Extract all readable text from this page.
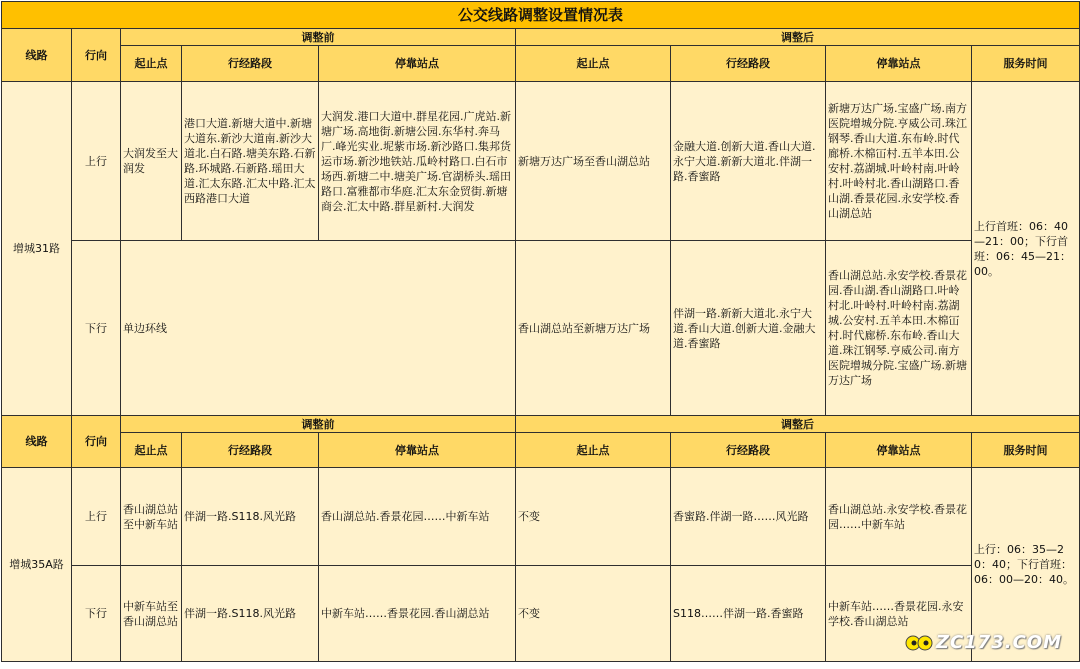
公交线路调整设置情况表								
线路	行向	调整前			调整后			
		起止点	行经路段	停靠站点	起止点	行经路段	停靠站点	服务时间
增城31路	上行	大润发至大润发	港口大道.新塘大道中.新塘大道东.新沙大道南.新沙大道北.白石路.塘美东路.石新路.环城路.石新路.瑶田大道.汇太东路.汇太中路.汇太西路港口大道	大润发.港口大道中.群星花园.广虎站.新塘广场.高地街.新塘公园.东华村.奔马厂.峰光实业.坭紫市场.新沙路口.集邦货运市场.新沙地铁站.瓜岭村路口.白石市场西.新塘二中.塘美广场.官湖桥头.瑶田路口.富雅都市华庭.汇太东金贸街.新塘商会.汇太中路.群星新村.大润发	新塘万达广场至香山湖总站	金融大道.创新大道.香山大道.永宁大道.新新大道北.伴湖一路.香蜜路	新塘万达广场.宝盛广场.南方医院增城分院.亨威公司.珠江钢琴.香山大道.东布岭.时代廊桥.木棉冚村.五羊本田.公安村.荔湖城.叶岭村南.叶岭村.叶岭村北.香山湖路口.香山湖.香景花园.永安学校.香山湖总站	上行首班：06：40—21：00；下行首班：06：45—21：00。
	下行	单边环线			香山湖总站至新塘万达广场	伴湖一路.新新大道北.永宁大道.香山大道.创新大道.金融大道.香蜜路	香山湖总站.永安学校.香景花园.香山湖.香山湖路口.叶岭村北.叶岭村.叶岭村南.荔湖城.公安村.五羊本田.木棉冚村.时代廊桥.东布岭.香山大道.珠江钢琴.亨威公司.南方医院增城分院.宝盛广场.新塘万达广场	
线路	行向	调整前			调整后			
		起止点	行经路段	停靠站点	起止点	行经路段	停靠站点	服务时间
增城35A路	上行	香山湖总站至中新车站	伴湖一路.S118.风光路	香山湖总站.香景花园……中新车站	不变	香蜜路.伴湖一路……风光路	香山湖总站.永安学校.香景花园……中新车站	上行：06：35—20：40；下行首班：06：00—20：40。
	下行	中新车站至香山湖总站	伴湖一路.S118.风光路	中新车站……香景花园.香山湖总站	不变	S118……伴湖一路.香蜜路	中新车站……香景花园.永安学校.香山湖总站	
ZC173.COM
